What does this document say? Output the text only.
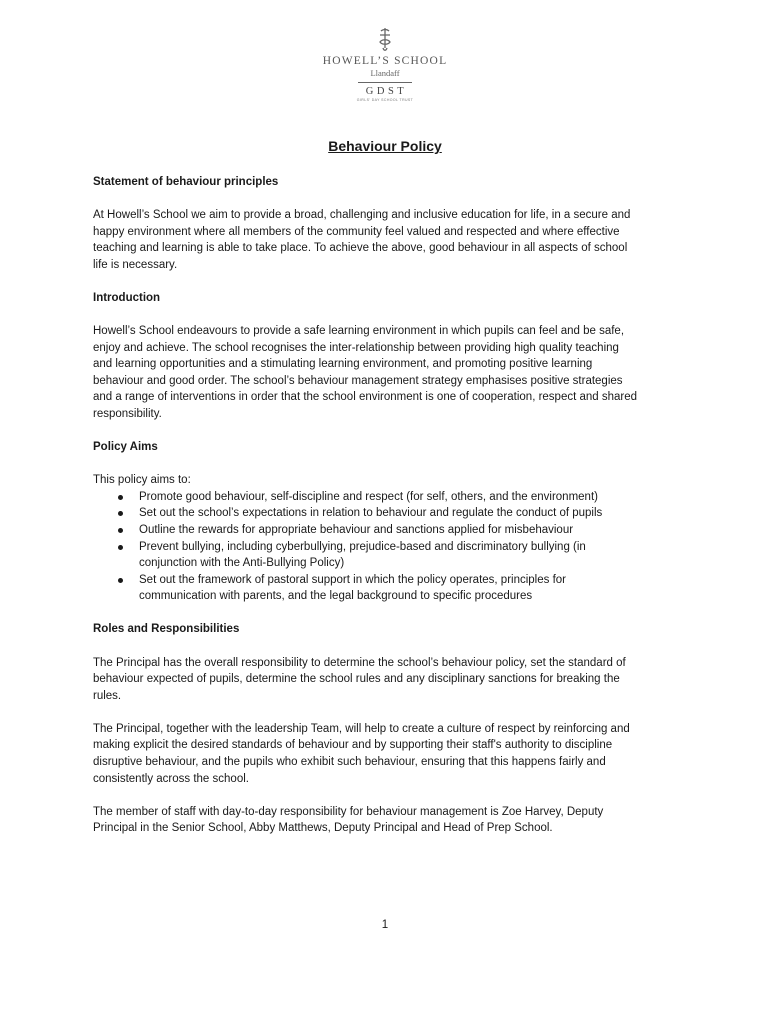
HOWELL’S SCHOOL
Llandaff
GDST
GIRLS’ DAY SCHOOL TRUST
Behaviour Policy

Statement of behaviour principles

At Howell’s School we aim to provide a broad, challenging and inclusive education for life, in a secure and happy environment where all members of the community feel valued and respected and where effective teaching and learning is able to take place. To achieve the above, good behaviour in all aspects of school life is necessary.

Introduction

Howell’s School endeavours to provide a safe learning environment in which pupils can feel and be safe, enjoy and achieve. The school recognises the inter-relationship between providing high quality teaching and learning opportunities and a stimulating learning environment, and promoting positive learning behaviour and good order. The school’s behaviour management strategy emphasises positive strategies and a range of interventions in order that the school environment is one of cooperation, respect and shared responsibility.

Policy Aims

This policy aims to:

Promote good behaviour, self-discipline and respect (for self, others, and the environment)
Set out the school’s expectations in relation to behaviour and regulate the conduct of pupils
Outline the rewards for appropriate behaviour and sanctions applied for misbehaviour
Prevent bullying, including cyberbullying, prejudice-based and discriminatory bullying (in conjunction with the Anti-Bullying Policy)
Set out the framework of pastoral support in which the policy operates, principles for communication with parents, and the legal background to specific procedures

Roles and Responsibilities

The Principal has the overall responsibility to determine the school’s behaviour policy, set the standard of behaviour expected of pupils, determine the school rules and any disciplinary sanctions for breaking the rules.

The Principal, together with the leadership Team, will help to create a culture of respect by reinforcing and making explicit the desired standards of behaviour and by supporting their staff's authority to discipline disruptive behaviour, and the pupils who exhibit such behaviour, ensuring that this happens fairly and consistently across the school.

The member of staff with day-to-day responsibility for behaviour management is Zoe Harvey, Deputy Principal in the Senior School, Abby Matthews, Deputy Principal and Head of Prep School.

1
